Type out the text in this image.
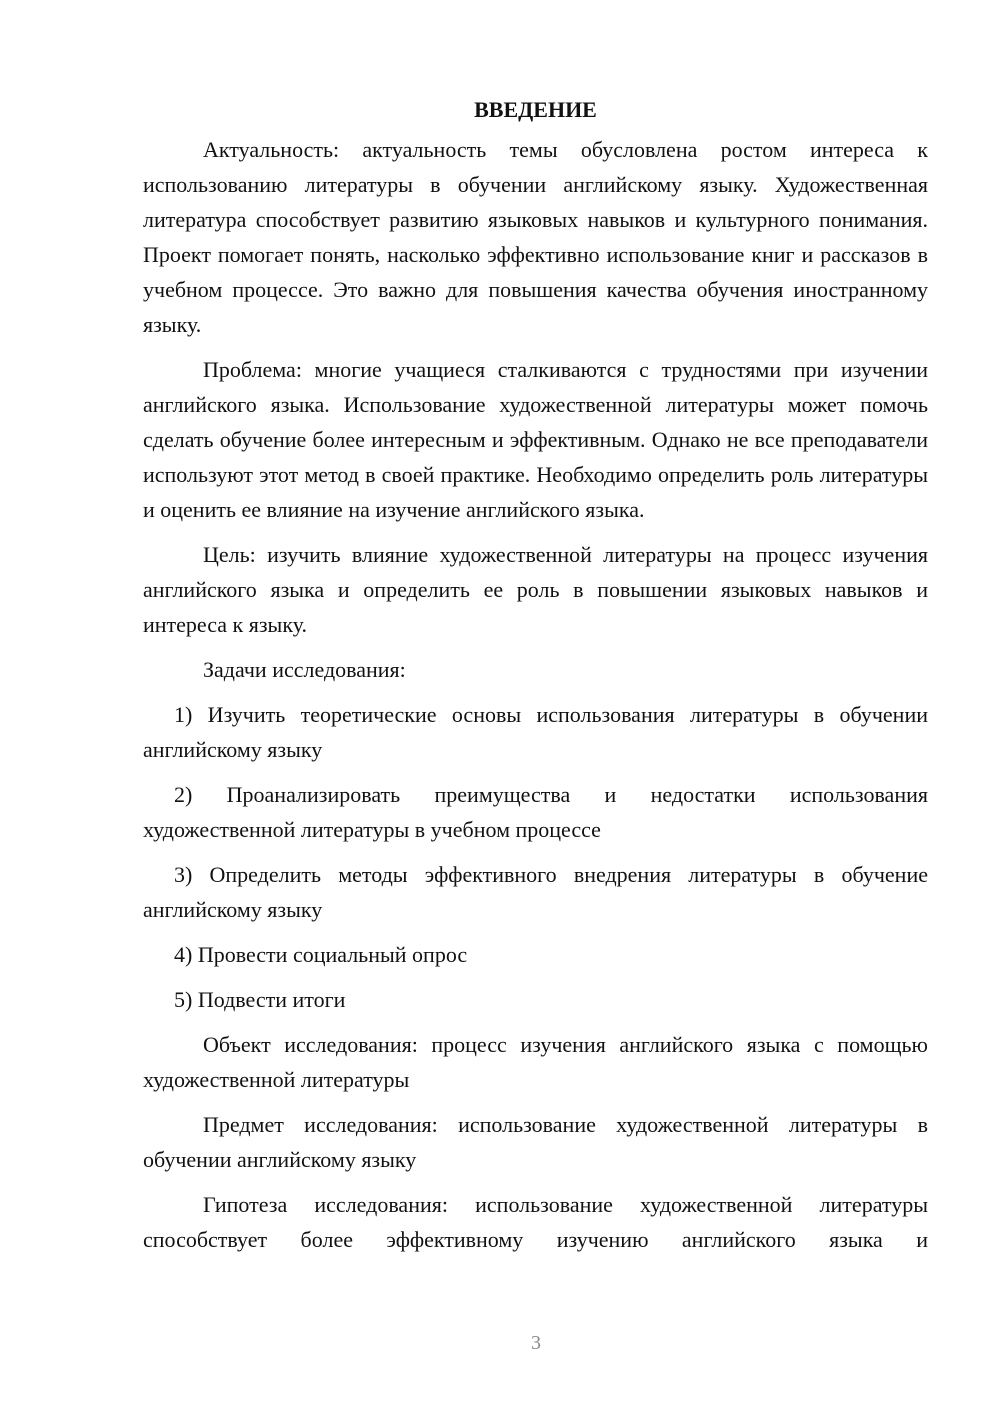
ВВЕДЕНИЕ

Актуальность: актуальность темы обусловлена ростом интереса к использованию литературы в обучении английскому языку. Художественная литература способствует развитию языковых навыков и культурного понимания. Проект помогает понять, насколько эффективно использование книг и рассказов в учебном процессе. Это важно для повышения качества обучения иностранному языку.

Проблема: многие учащиеся сталкиваются с трудностями при изучении английского языка. Использование художественной литературы может помочь сделать обучение более интересным и эффективным. Однако не все преподаватели используют этот метод в своей практике. Необходимо определить роль литературы и оценить ее влияние на изучение английского языка.

Цель: изучить влияние художественной литературы на процесс изучения английского языка и определить ее роль в повышении языковых навыков и интереса к языку.

Задачи исследования:

1) Изучить теоретические основы использования литературы в обучении английскому языку

2) Проанализировать преимущества и недостатки использования художественной литературы в учебном процессе

3) Определить методы эффективного внедрения литературы в обучение английскому языку

4) Провести социальный опрос

5) Подвести итоги

Объект исследования: процесс изучения английского языка с помощью художественной литературы

Предмет исследования: использование художественной литературы в обучении английскому языку

Гипотеза исследования: использование художественной литературы способствует более эффективному изучению английского языка и

3
